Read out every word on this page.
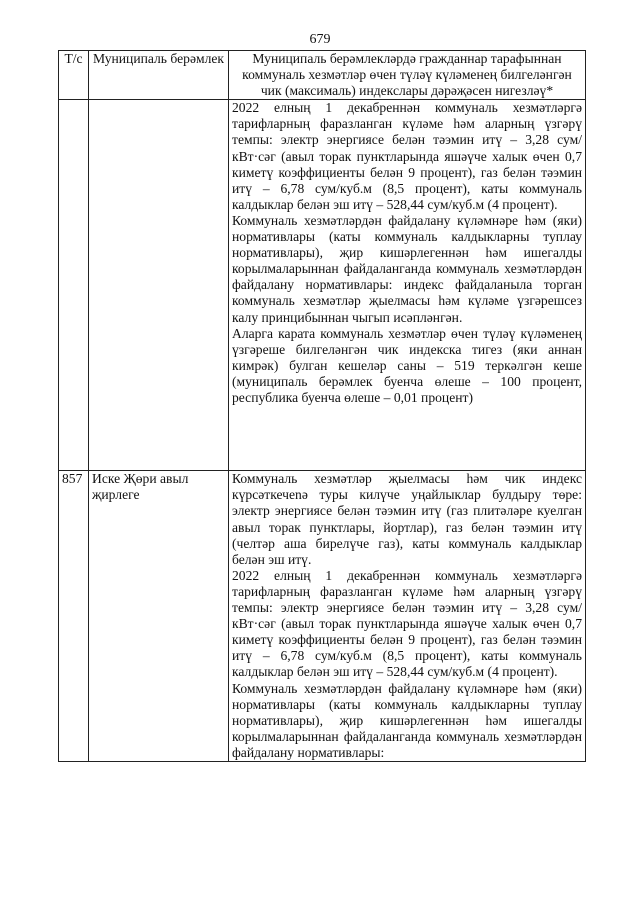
679
Т/с	Муниципаль берәмлек	Муниципаль берәмлекләрдә гражданнар тарафыннан коммуналь хезмәтләр өчен түләү күләменең билгеләнгән чик (максималь) индекслары дәрәҗәсен нигезләү*

		2022 елның 1 декабреннән коммуналь хезмәтләргә тарифларның фаразланган күләме һәм аларның үзгәрү темпы: электр энергиясе белән тәэмин итү – 3,28 сум/кВт·сәг (авыл торак пунктларында яшәүче халык өчен 0,7 киметү коэффициенты белән 9 процент), газ белән тәэмин итү – 6,78 сум/куб.м (8,5 процент), каты коммуналь калдыклар белән эш итү – 528,44 сум/куб.м (4 процент).

Коммуналь хезмәтләрдән файдалану күләмнәре һәм (яки) нормативлары (каты коммуналь калдыкларны туплау нормативлары), җир кишәрлегеннән һәм ишегалды корылмаларыннан файдаланганда коммуналь хезмәтләрдән файдалану нормативлары: индекс файдаланыла торган коммуналь хезмәтләр җыелмасы һәм күләме үзгәрешсез калу принцибыннан чыгып исәпләнгән.

Аларга карата коммуналь хезмәтләр өчен түләү күләменең үзгәреше билгеләнгән чик индекска тигез (яки аннан кимрәк) булган кешеләр саны – 519 теркәлгән кеше (муниципаль берәмлек буенча өлеше – 100 процент, республика буенча өлеше – 0,01 процент)

857	Иске Җөри авыл җирлеге	Коммуналь хезмәтләр җыелмасы һәм чик индекс күрсәткечenә туры килүче уңайлыклар булдыру төре: электр энергиясе белән тәэмин итү (газ плитәләре куелган авыл торак пунктлары, йортлар), газ белән тәэмин итү (челтәр аша бирелүче газ), каты коммуналь калдыклар белән эш итү.

2022 елның 1 декабреннән коммуналь хезмәтләргә тарифларның фаразланган күләме һәм аларның үзгәрү темпы: электр энергиясе белән тәэмин итү – 3,28 сум/кВт·сәг (авыл торак пунктларында яшәүче халык өчен 0,7 киметү коэффициенты белән 9 процент), газ белән тәэмин итү – 6,78 сум/куб.м (8,5 процент), каты коммуналь калдыклар белән эш итү – 528,44 сум/куб.м (4 процент).

Коммуналь хезмәтләрдән файдалану күләмнәре һәм (яки) нормативлары (каты коммуналь калдыкларны туплау нормативлары), җир кишәрлегеннән һәм ишегалды корылмаларыннан файдаланганда коммуналь хезмәтләрдән файдалану нормативлары:
